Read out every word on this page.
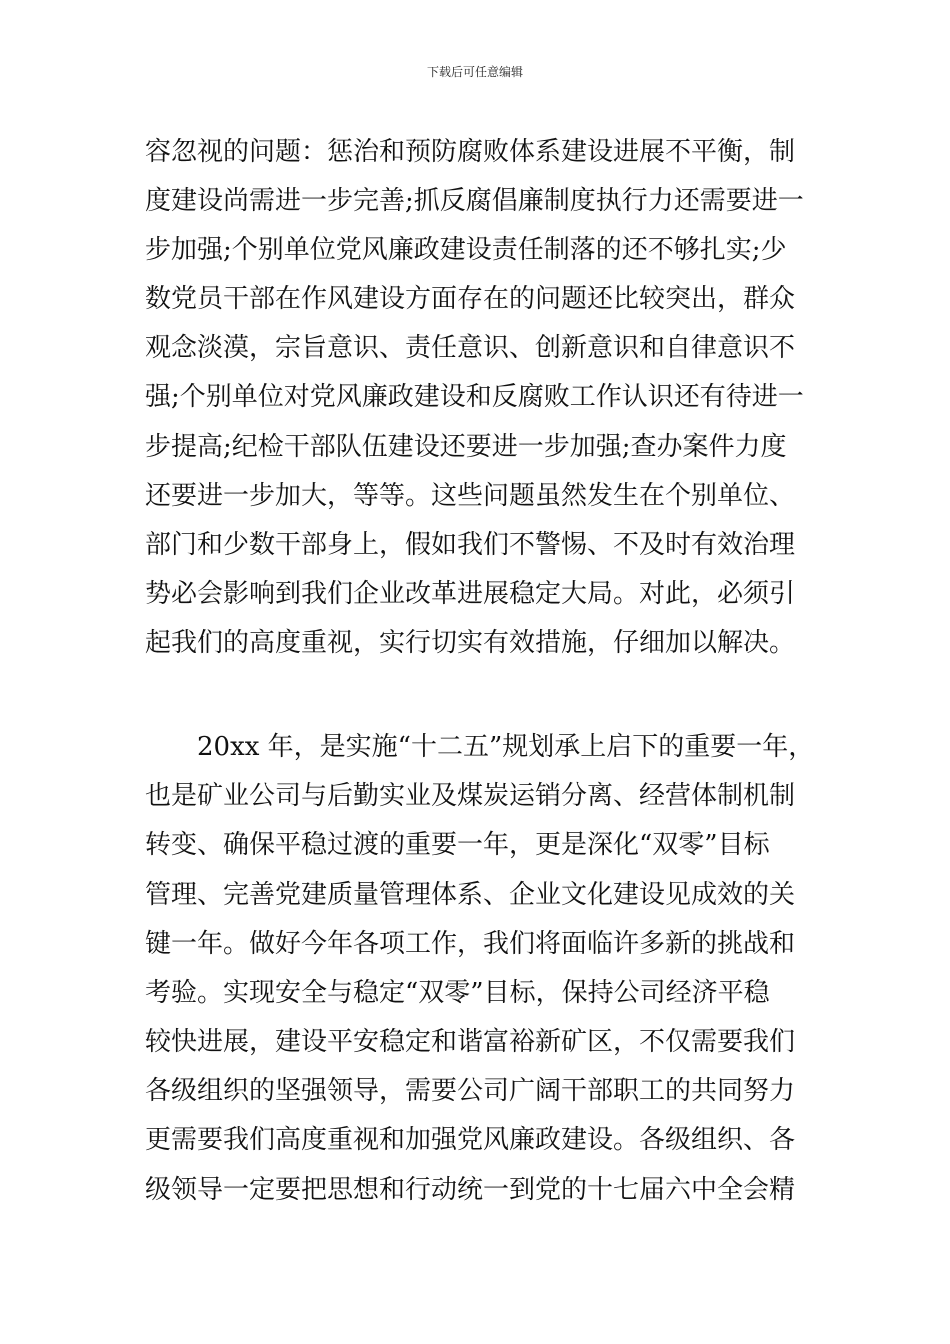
下载后可任意编辑
容忽视的问题：惩治和预防腐败体系建设进展不平衡，制
度建设尚需进一步完善;抓反腐倡廉制度执行力还需要进一
步加强;个别单位党风廉政建设责任制落的还不够扎实;少
数党员干部在作风建设方面存在的问题还比较突出，群众
观念淡漠，宗旨意识、责任意识、创新意识和自律意识不
强;个别单位对党风廉政建设和反腐败工作认识还有待进一
步提高;纪检干部队伍建设还要进一步加强;查办案件力度
还要进一步加大，等等。这些问题虽然发生在个别单位、
部门和少数干部身上，假如我们不警惕、不及时有效治理
势必会影响到我们企业改革进展稳定大局。对此，必须引
起我们的高度重视，实行切实有效措施，仔细加以解决。
20xx 年，是实施“十二五”规划承上启下的重要一年，
也是矿业公司与后勤实业及煤炭运销分离、经营体制机制
转变、确保平稳过渡的重要一年，更是深化“双零”目标
管理、完善党建质量管理体系、企业文化建设见成效的关
键一年。做好今年各项工作，我们将面临许多新的挑战和
考验。实现安全与稳定“双零”目标，保持公司经济平稳
较快进展，建设平安稳定和谐富裕新矿区，不仅需要我们
各级组织的坚强领导，需要公司广阔干部职工的共同努力
更需要我们高度重视和加强党风廉政建设。各级组织、各
级领导一定要把思想和行动统一到党的十七届六中全会精
